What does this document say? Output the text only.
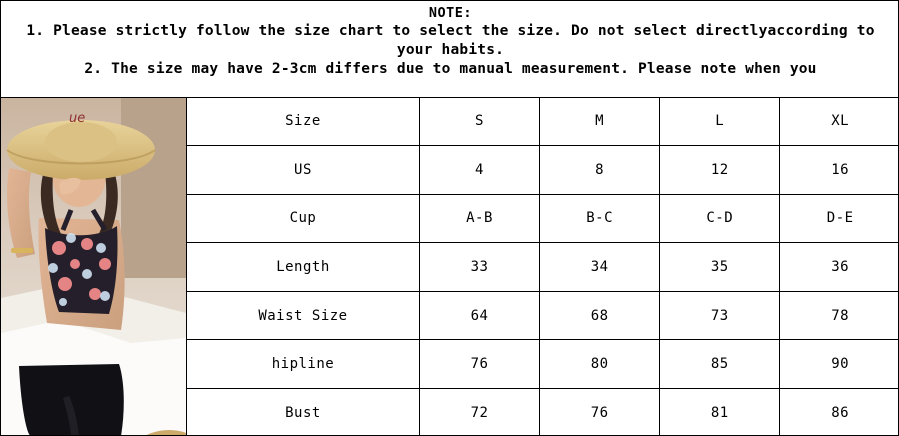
NOTE:
1. Please strictly follow the size chart to select the size. Do not select directlyaccording to your habits.
2. The size may have 2-3cm differs due to manual measurement. Please note when you
ue	Size	S	M	L	XL
US	4	8	12	16
Cup	A-B	B-C	C-D	D-E
Length	33	34	35	36
Waist Size	64	68	73	78
hipline	76	80	85	90
Bust	72	76	81	86
